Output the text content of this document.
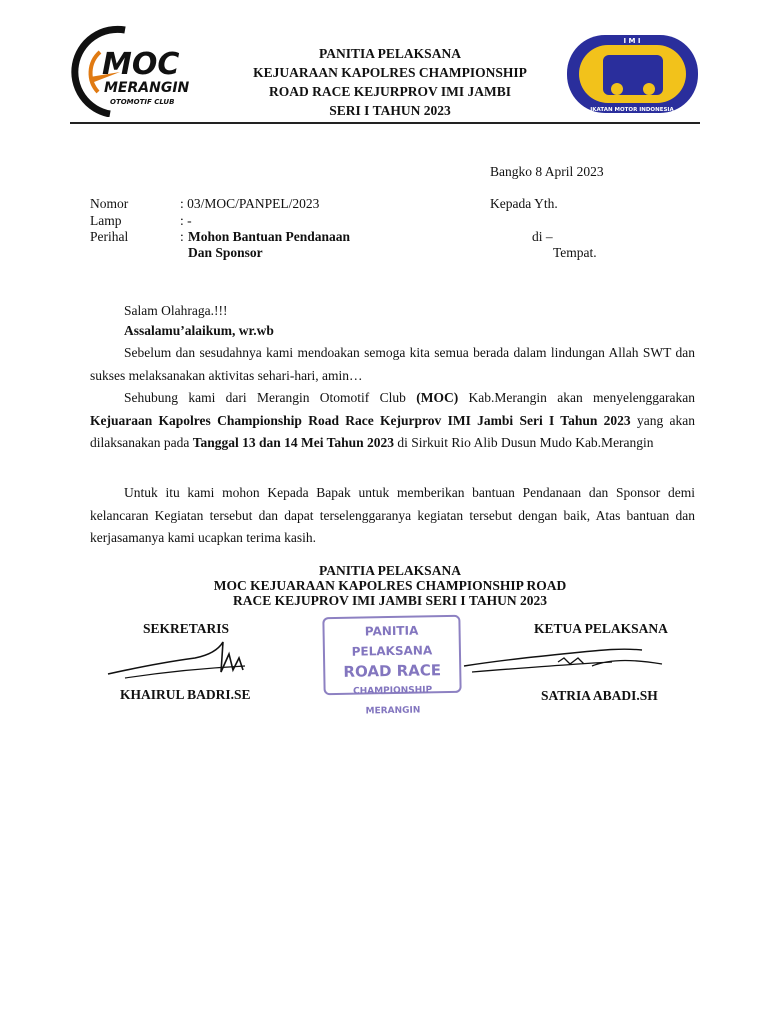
MOC
MERANGIN
OTOMOTIF CLUB
PANITIA PELAKSANA
KEJUARAAN KAPOLRES CHAMPIONSHIP
ROAD RACE KEJURPROV IMI JAMBI
SERI I TAHUN 2023
I M I
IKATAN MOTOR INDONESIA
Bangko 8 April 2023
Nomor	: 03/MOC/PANPEL/2023
Lamp	: -
Perihal	: Mohon Bantuan Pendanaan
Dan Sponsor
Kepada Yth.
di –
Tempat.
Salam Olahraga.!!!
Assalamu’alaikum, wr.wb
Sebelum dan sesudahnya kami mendoakan semoga kita semua berada dalam lindungan Allah SWT dan sukses melaksanakan aktivitas sehari-hari, amin…
Sehubung kami dari Merangin Otomotif Club (MOC) Kab.Merangin akan menyelenggarakan Kejuaraan Kapolres Championship Road Race Kejurprov IMI Jambi Seri I Tahun 2023 yang akan dilaksanakan pada Tanggal 13 dan 14 Mei Tahun 2023 di Sirkuit Rio Alib Dusun Mudo Kab.Merangin
Untuk itu kami mohon Kepada Bapak untuk memberikan bantuan Pendanaan dan Sponsor demi kelancaran Kegiatan tersebut dan dapat terselenggaranya kegiatan tersebut dengan baik, Atas bantuan dan kerjasamanya kami ucapkan terima kasih.
PANITIA PELAKSANA
MOC KEJUARAAN KAPOLRES CHAMPIONSHIP ROAD
RACE KEJUPROV IMI JAMBI SERI I TAHUN 2023
SEKRETARIS	KETUA PELAKSANA
PANITIA PELAKSANA
ROAD RACE
CHAMPIONSHIP MERANGIN
KHAIRUL BADRI.SE	SATRIA ABADI.SH
